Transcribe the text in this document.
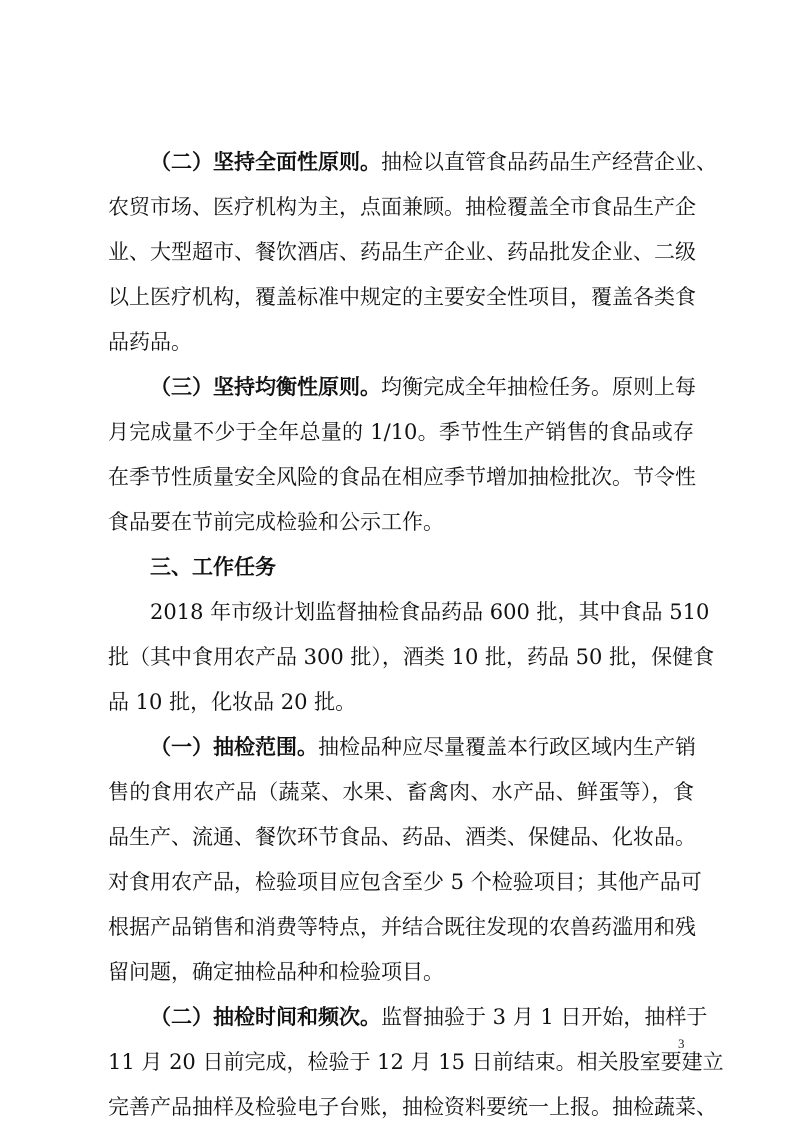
（二）坚持全面性原则。抽检以直管食品药品生产经营企业、
农贸市场、医疗机构为主，点面兼顾。抽检覆盖全市食品生产企
业、大型超市、餐饮酒店、药品生产企业、药品批发企业、二级
以上医疗机构，覆盖标准中规定的主要安全性项目，覆盖各类食
品药品。
（三）坚持均衡性原则。均衡完成全年抽检任务。原则上每
月完成量不少于全年总量的 1/10。季节性生产销售的食品或存
在季节性质量安全风险的食品在相应季节增加抽检批次。节令性
食品要在节前完成检验和公示工作。
三、工作任务
2018 年市级计划监督抽检食品药品 600 批，其中食品 510
批（其中食用农产品 300 批），酒类 10 批，药品 50 批，保健食
品 10 批，化妆品 20 批。
（一）抽检范围。抽检品种应尽量覆盖本行政区域内生产销
售的食用农产品（蔬菜、水果、畜禽肉、水产品、鲜蛋等），食
品生产、流通、餐饮环节食品、药品、酒类、保健品、化妆品。
对食用农产品，检验项目应包含至少 5 个检验项目；其他产品可
根据产品销售和消费等特点，并结合既往发现的农兽药滥用和残
留问题，确定抽检品种和检验项目。
（二）抽检时间和频次。监督抽验于 3 月 1 日开始，抽样于
11 月 20 日前完成，检验于 12 月 15 日前结束。相关股室要建立
完善产品抽样及检验电子台账，抽检资料要统一上报。抽检蔬菜、
3
